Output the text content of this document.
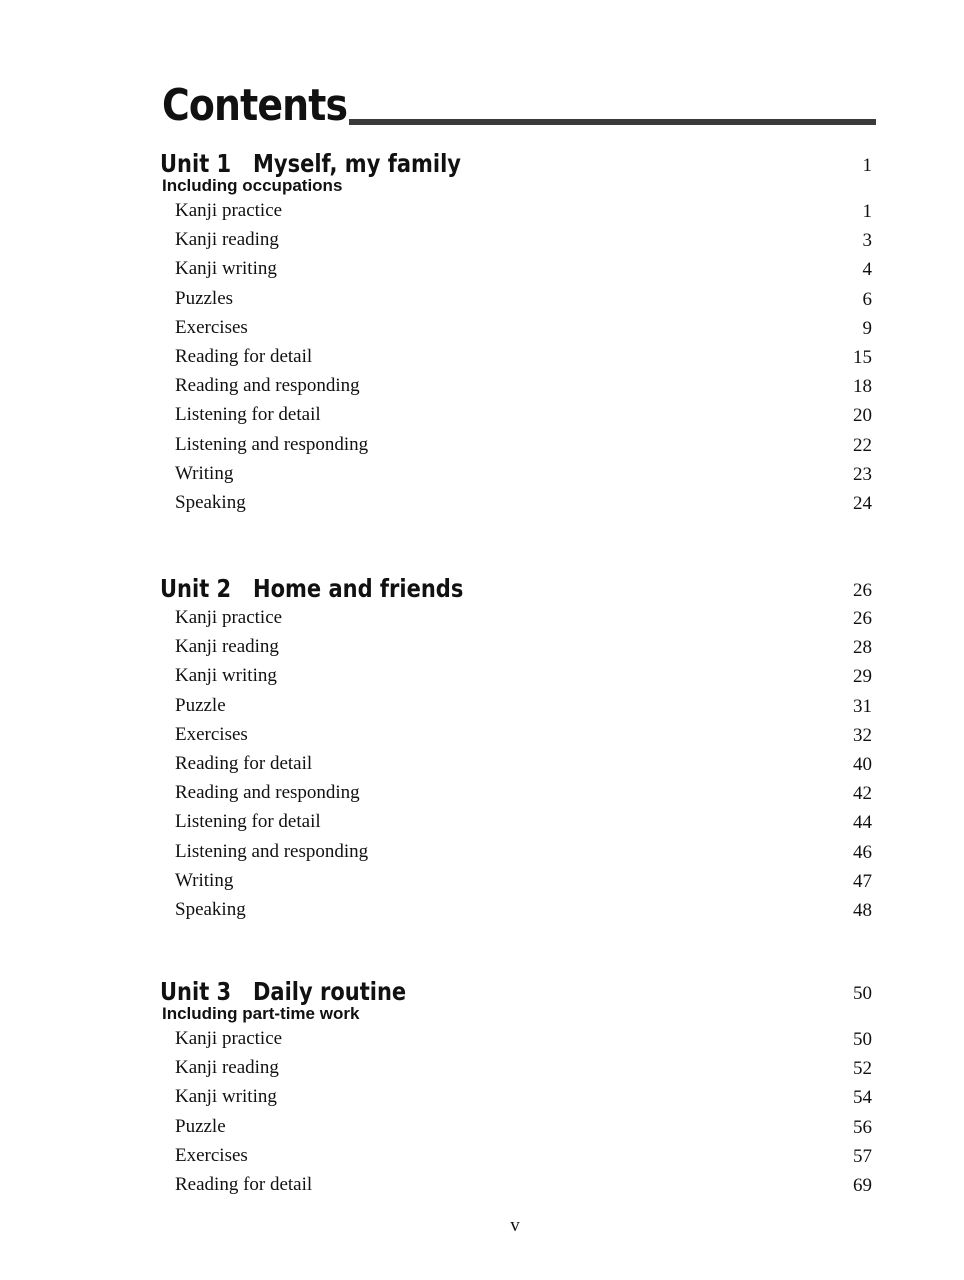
Contents
Unit 1 Myself, my family	1
Including occupations
Kanji practice	1
Kanji reading	3
Kanji writing	4
Puzzles	6
Exercises	9
Reading for detail	15
Reading and responding	18
Listening for detail	20
Listening and responding	22
Writing	23
Speaking	24
Unit 2 Home and friends	26
Kanji practice	26
Kanji reading	28
Kanji writing	29
Puzzle	31
Exercises	32
Reading for detail	40
Reading and responding	42
Listening for detail	44
Listening and responding	46
Writing	47
Speaking	48
Unit 3 Daily routine	50
Including part-time work
Kanji practice	50
Kanji reading	52
Kanji writing	54
Puzzle	56
Exercises	57
Reading for detail	69
v
